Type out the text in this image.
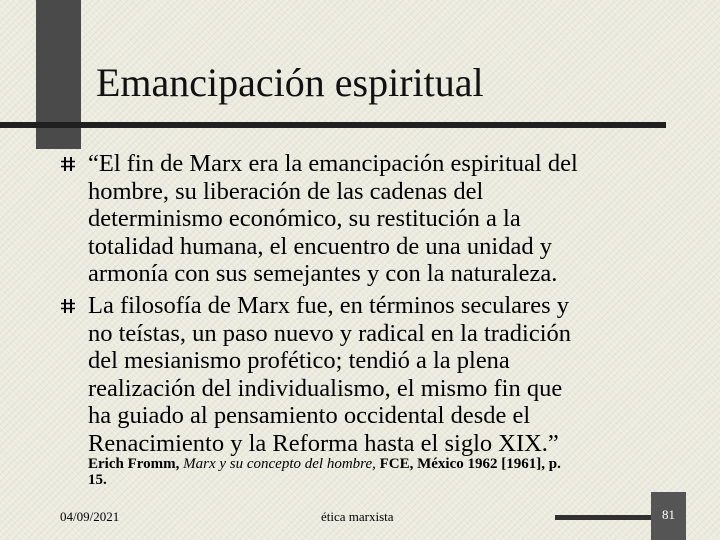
Emancipación espiritual

“El fin de Marx era la emancipación espiritual del
hombre, su liberación de las cadenas del
determinismo económico, su restitución a la
totalidad humana, el encuentro de una unidad y
armonía con sus semejantes y con la naturaleza.

La filosofía de Marx fue, en términos seculares y
no teístas, un paso nuevo y radical en la tradición
del mesianismo profético; tendió a la plena
realización del individualismo, el mismo fin que
ha guiado al pensamiento occidental desde el
Renacimiento y la Reforma hasta el siglo XIX.”

Erich Fromm, Marx y su concepto del hombre, FCE, México 1962 [1961], p.
15.
04/09/2021	ética marxista	81
